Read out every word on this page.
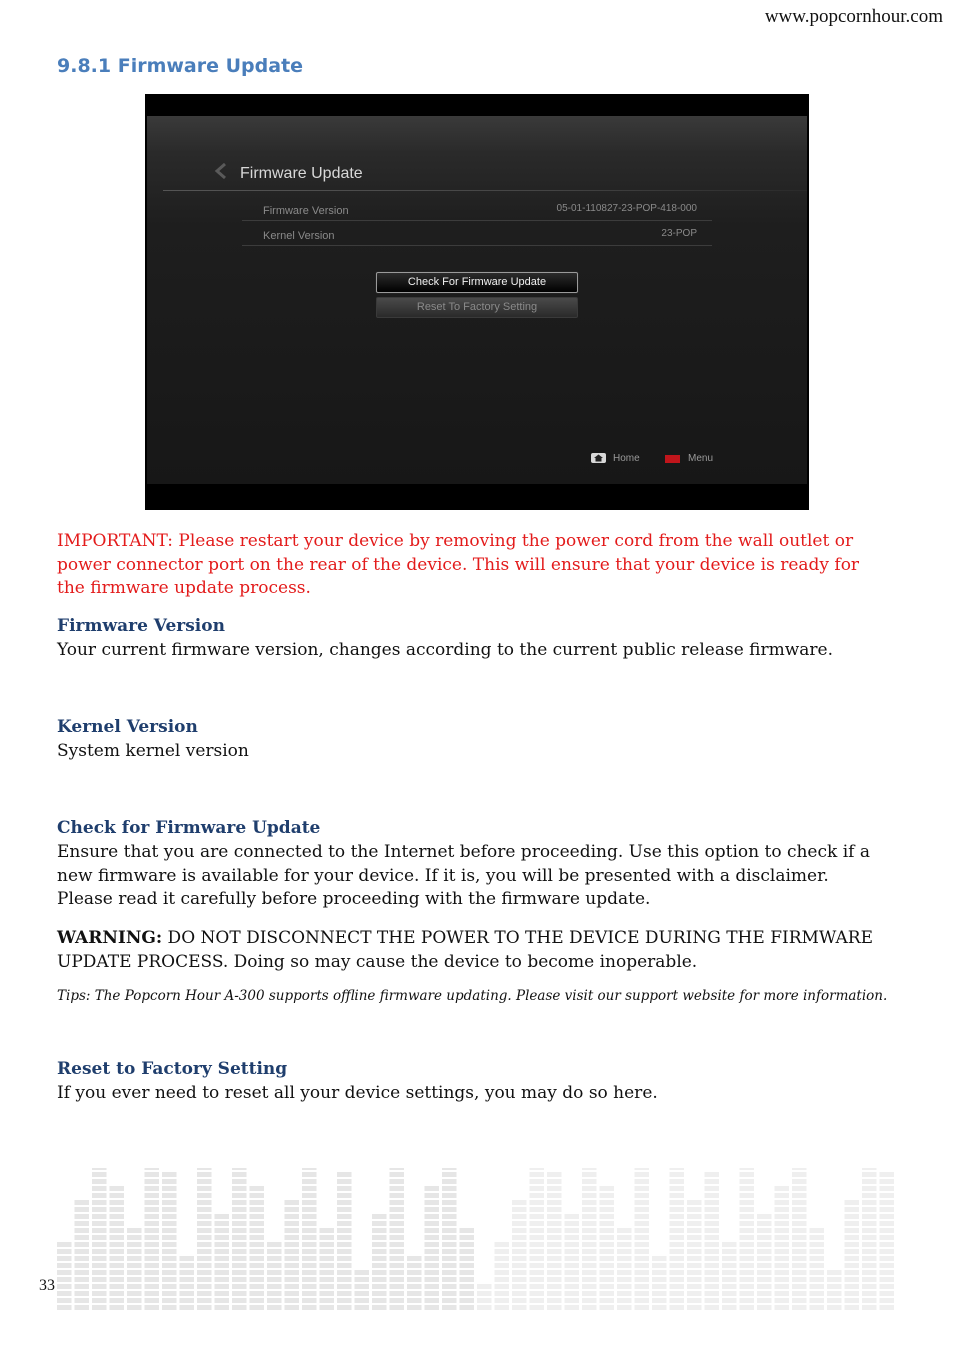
www.popcornhour.com
9.8.1 Firmware Update
Firmware Update
Firmware Version	05-01-110827-23-POP-418-000
Kernel Version	23-POP
Check For Firmware Update
Reset To Factory Setting
Home	Menu
IMPORTANT: Please restart your device by removing the power cord from the wall outlet or power connector port on the rear of the device. This will ensure that your device is ready for the firmware update process.
Firmware Version
Your current firmware version, changes according to the current public release firmware.
Kernel Version
System kernel version
Check for Firmware Update
Ensure that you are connected to the Internet before proceeding. Use this option to check if a new firmware is available for your device. If it is, you will be presented with a disclaimer. Please read it carefully before proceeding with the firmware update.
WARNING: DO NOT DISCONNECT THE POWER TO THE DEVICE DURING THE FIRMWARE UPDATE PROCESS. Doing so may cause the device to become inoperable.
Tips: The Popcorn Hour A-300 supports offline firmware updating. Please visit our support website for more information.
Reset to Factory Setting
If you ever need to reset all your device settings, you may do so here.
33
